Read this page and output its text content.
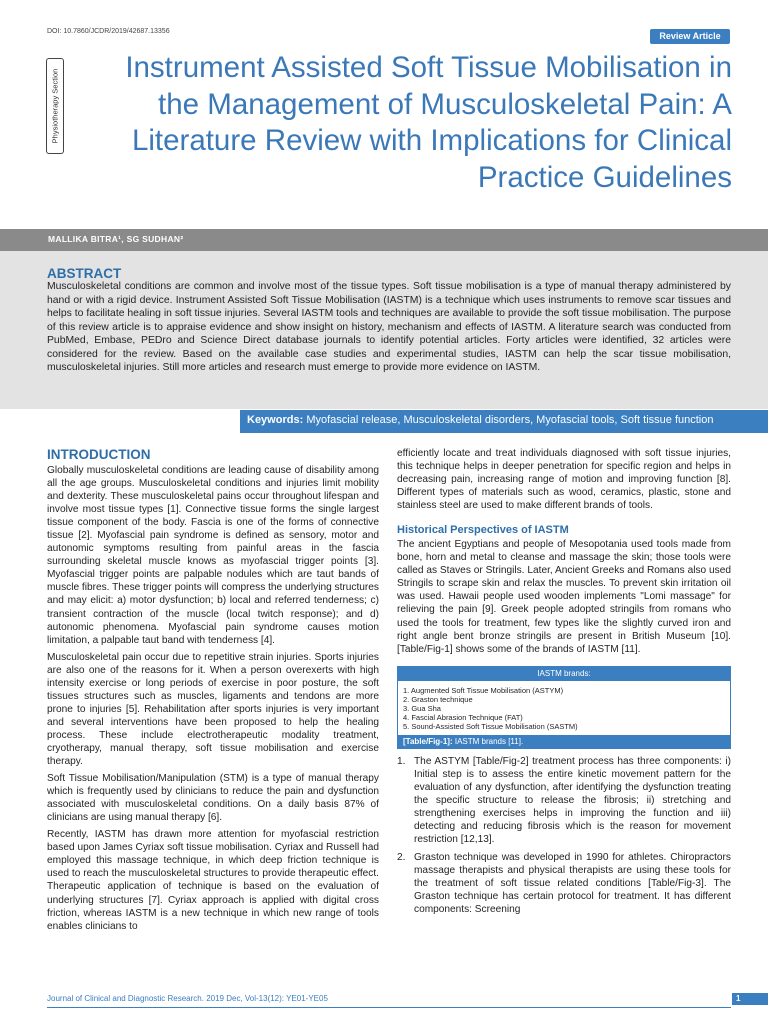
DOI: 10.7860/JCDR/2019/42687.13356	Review Article
Physiotherapy Section
Instrument Assisted Soft Tissue Mobilisation in the Management of Musculoskeletal Pain: A Literature Review with Implications for Clinical Practice Guidelines
MALLIKA BITRA¹, SG SUDHAN²
ABSTRACT
Musculoskeletal conditions are common and involve most of the tissue types. Soft tissue mobilisation is a type of manual therapy administered by hand or with a rigid device. Instrument Assisted Soft Tissue Mobilisation (IASTM) is a technique which uses instruments to remove scar tissues and helps to facilitate healing in soft tissue injuries. Several IASTM tools and techniques are available to provide the soft tissue mobilisation. The purpose of this review article is to appraise evidence and show insight on history, mechanism and effects of IASTM. A literature search was conducted from PubMed, Embase, PEDro and Science Direct database journals to identify potential articles. Forty articles were identified, 32 articles were considered for the review. Based on the available case studies and experimental studies, IASTM can help the scar tissue mobilisation, musculoskeletal injuries. Still more articles and research must emerge to provide more evidence on IASTM.
Keywords: Myofascial release, Musculoskeletal disorders, Myofascial tools, Soft tissue function
INTRODUCTION

Globally musculoskeletal conditions are leading cause of disability among all the age groups. Musculoskeletal conditions and injuries limit mobility and dexterity. These musculoskeletal pains occur throughout lifespan and involve most tissue types [1]. Connective tissue forms the single largest tissue component of the body. Fascia is one of the forms of connective tissue [2]. Myofascial pain syndrome is defined as sensory, motor and autonomic symptoms resulting from painful areas in the fascia surrounding skeletal muscle knows as myofascial trigger points [3]. Myofascial trigger points are palpable nodules which are taut bands of muscle fibres. These trigger points will compress the underlying structures and may elicit: a) motor dysfunction; b) local and referred tenderness; c) transient contraction of the muscle (local twitch response); and d) autonomic phenomena. Myofascial pain syndrome causes motion limitation, a palpable taut band with tenderness [4].

Musculoskeletal pain occur due to repetitive strain injuries. Sports injuries are also one of the reasons for it. When a person overexerts with high intensity exercise or long periods of exercise in poor posture, the soft tissues structures such as muscles, ligaments and tendons are more prone to injuries [5]. Rehabilitation after sports injuries is very important and several interventions have been proposed to help the healing process. These include electrotherapeutic modality treatment, cryotherapy, manual therapy, soft tissue mobilisation and exercise therapy.

Soft Tissue Mobilisation/Manipulation (STM) is a type of manual therapy which is frequently used by clinicians to reduce the pain and dysfunction associated with musculoskeletal conditions. On a daily basis 87% of clinicians are using manual therapy [6].

Recently, IASTM has drawn more attention for myofascial restriction based upon James Cyriax soft tissue mobilisation. Cyriax and Russell had employed this massage technique, in which deep friction technique is used to reach the musculoskeletal structures to provide therapeutic effect. Therapeutic application of technique is based on the evaluation of underlying structures [7]. Cyriax approach is applied with digital cross friction, whereas IASTM is a new technique in which new range of tools enables clinicians to

efficiently locate and treat individuals diagnosed with soft tissue injuries, this technique helps in deeper penetration for specific region and helps in decreasing pain, increasing range of motion and improving function [8]. Different types of materials such as wood, ceramics, plastic, stone and stainless steel are used to make different brands of tools.

Historical Perspectives of IASTM

The ancient Egyptians and people of Mesopotania used tools made from bone, horn and metal to cleanse and massage the skin; those tools were called as Staves or Stringils. Later, Ancient Greeks and Romans also used Stringils to scrape skin and relax the muscles. To prevent skin irritation oil was used. Hawaii people used wooden implements "Lomi massage" for relieving the pain [9]. Greek people adopted stringils from romans who used the tools for treatment, few types like the slightly curved iron and right angle bent bronze stringils are present in British Museum [10]. [Table/Fig-1] shows some of the brands of IASTM [11].

IASTM brands:
1. Augmented Soft Tissue Mobilisation (ASTYM)
2. Graston technique
3. Gua Sha
4. Fascial Abrasion Technique (FAT)
5. Sound-Assisted Soft Tissue Mobilisation (SASTM)
[Table/Fig-1]: IASTM brands [11].
1. The ASTYM [Table/Fig-2] treatment process has three components: i) Initial step is to assess the entire kinetic movement pattern for the evaluation of any dysfunction, after identifying the dysfunction treating the specific structure to release the fibrosis; ii) stretching and strengthening exercises helps in improving the function and iii) detecting and reducing fibrosis which is the reason for movement restriction [12,13].
2. Graston technique was developed in 1990 for athletes. Chiropractors massage therapists and physical therapists are using these tools for the treatment of soft tissue related conditions [Table/Fig-3]. The Graston technique has certain protocol for treatment. It has different components: Screening
Journal of Clinical and Diagnostic Research. 2019 Dec, Vol-13(12): YE01-YE05	1
